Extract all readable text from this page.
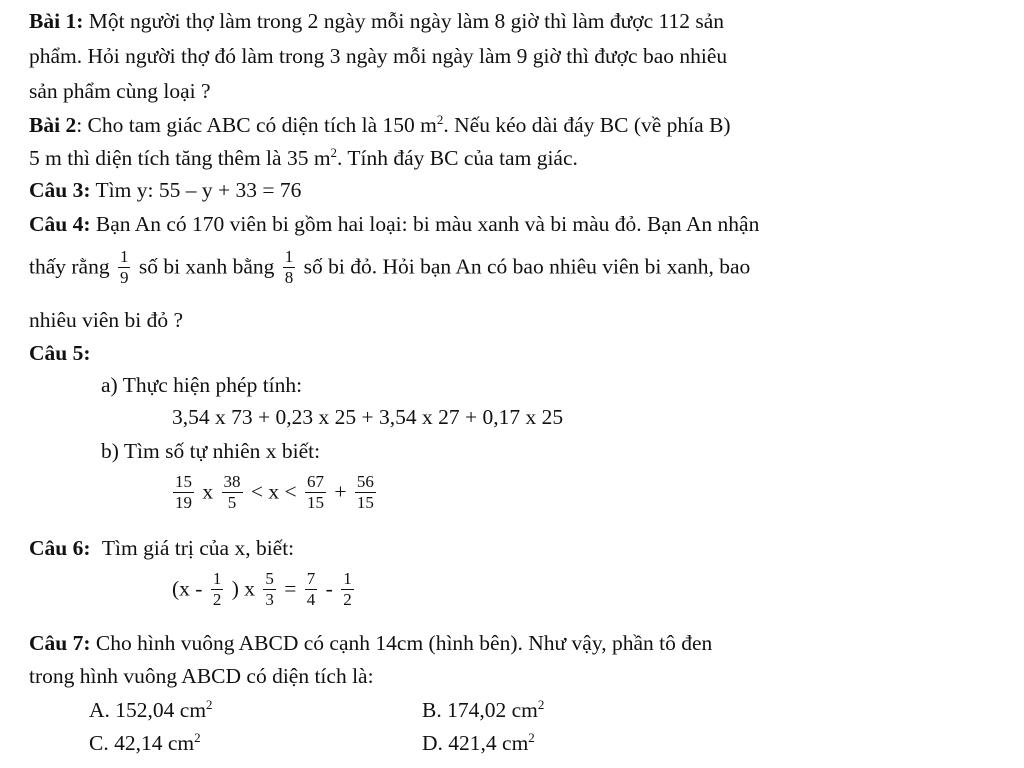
Bài 1: Một người thợ làm trong 2 ngày mỗi ngày làm 8 giờ thì làm được 112 sản
phẩm. Hỏi người thợ đó làm trong 3 ngày mỗi ngày làm 9 giờ thì được bao nhiêu
sản phẩm cùng loại ?
Bài 2: Cho tam giác ABC có diện tích là 150 $m^2$. Nếu kéo dài đáy BC (về phía B)
5 m thì diện tích tăng thêm là 35 $m^2$. Tính đáy BC của tam giác.
Câu 3: Tìm y: 55 – y + 33 = 76
Câu 4: Bạn An có 170 viên bi gồm hai loại: bi màu xanh và bi màu đỏ. Bạn An nhận
thấy rằng $\frac{1}{9}$ số bi xanh bằng $\frac{1}{8}$ số bi đỏ. Hỏi bạn An có bao nhiêu viên bi xanh, bao
nhiêu viên bi đỏ ?
Câu 5:
a) Thực hiện phép tính:
3,54 x 73 + 0,23 x 25 + 3,54 x 27 + 0,17 x 25
b) Tìm số tự nhiên x biết:
$\frac{15}{19}$ x $\frac{38}{5} < x < \frac{67}{15} + \frac{56}{15}$
Câu 6: Tìm giá trị của x, biết:
($x - \frac{1}{2}$ ) x $\frac{5}{3} = \frac{7}{4} - \frac{1}{2}$
Câu 7: Cho hình vuông ABCD có cạnh 14cm (hình bên). Như vậy, phần tô đen
trong hình vuông ABCD có diện tích là:
A. 152,04 $cm^2$	B. 174,02 $cm^2$
C. 42,14 $cm^2$	D. 421,4 $cm^2$
